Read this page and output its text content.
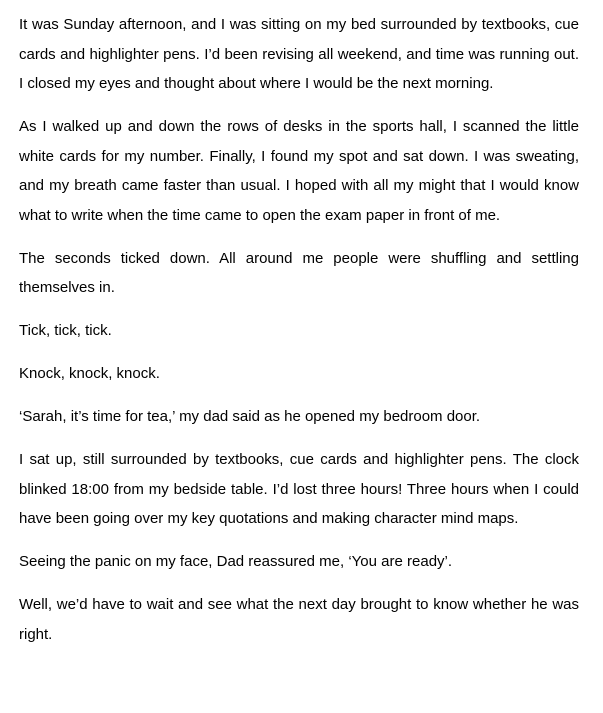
It was Sunday afternoon, and I was sitting on my bed surrounded by textbooks, cue cards and highlighter pens. I’d been revising all weekend, and time was running out. I closed my eyes and thought about where I would be the next morning.

As I walked up and down the rows of desks in the sports hall, I scanned the little white cards for my number. Finally, I found my spot and sat down. I was sweating, and my breath came faster than usual. I hoped with all my might that I would know what to write when the time came to open the exam paper in front of me.

The seconds ticked down. All around me people were shuffling and settling themselves in.

Tick, tick, tick.

Knock, knock, knock.

‘Sarah, it’s time for tea,’ my dad said as he opened my bedroom door.

I sat up, still surrounded by textbooks, cue cards and highlighter pens. The clock blinked 18:00 from my bedside table. I’d lost three hours! Three hours when I could have been going over my key quotations and making character mind maps.

Seeing the panic on my face, Dad reassured me, ‘You are ready’.

Well, we’d have to wait and see what the next day brought to know whether he was right.
